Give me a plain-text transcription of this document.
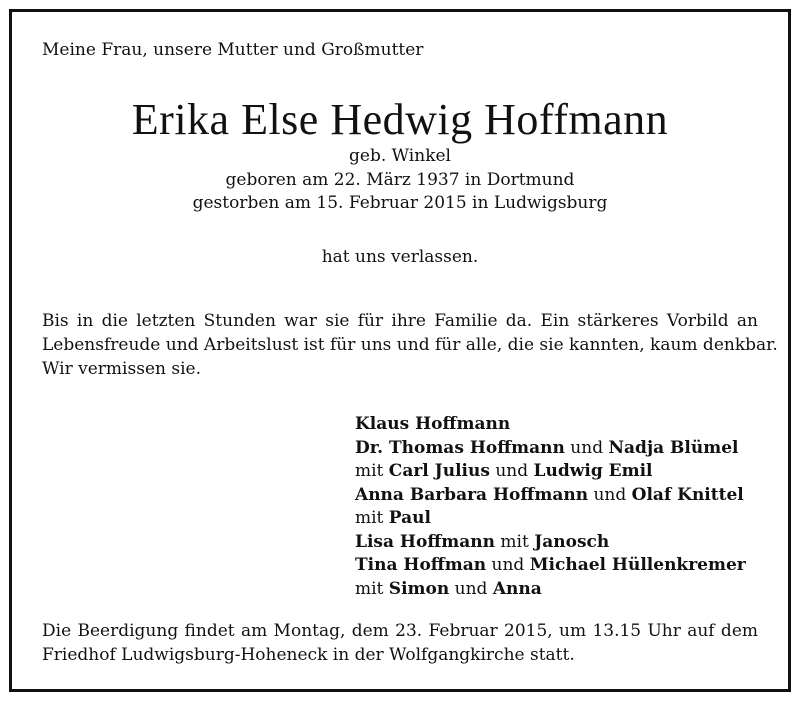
Meine Frau, unsere Mutter und Großmutter
Erika Else Hedwig Hoffmann
geb. Winkel
geboren am 22. März 1937 in Dortmund
gestorben am 15. Februar 2015 in Ludwigsburg
hat uns verlassen.
Bis in die letzten Stunden war sie für ihre Familie da. Ein stärkeres Vorbild an
Lebensfreude und Arbeitslust ist für uns und für alle, die sie kannten, kaum denkbar.
Wir vermissen sie.
Klaus Hoffmann
Dr. Thomas Hoffmann und Nadja Blümel
mit Carl Julius und Ludwig Emil
Anna Barbara Hoffmann und Olaf Knittel
mit Paul
Lisa Hoffmann mit Janosch
Tina Hoffman und Michael Hüllenkremer
mit Simon und Anna
Die Beerdigung findet am Montag, dem 23. Februar 2015, um 13.15 Uhr auf dem
Friedhof Ludwigsburg-Hoheneck in der Wolfgangkirche statt.
